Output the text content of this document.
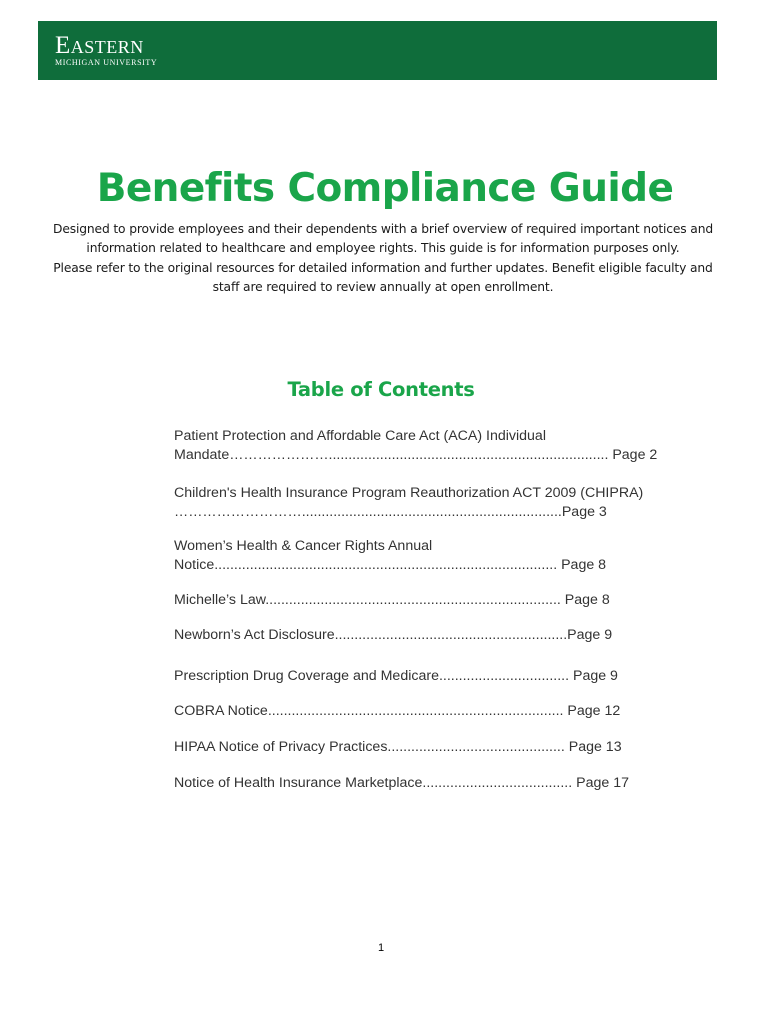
Eastern
MICHIGAN UNIVERSITY
Benefits Compliance Guide

Designed to provide employees and their dependents with a brief overview of required important notices and
information related to healthcare and employee rights. This guide is for information purposes only.
Please refer to the original resources for detailed information and further updates. Benefit eligible faculty and
staff are required to review annually at open enrollment.

Table of Contents
Patient Protection and Affordable Care Act (ACA) Individual
Mandate…………………....................................................................... Page 2
Children's Health Insurance Program Reauthorization ACT 2009 (CHIPRA)
………………………..................................................................Page 3
Women’s Health & Cancer Rights Annual
Notice....................................................................................... Page 8
Michelle’s Law........................................................................... Page 8
Newborn’s Act Disclosure...........................................................Page 9
Prescription Drug Coverage and Medicare................................. Page 9
COBRA Notice........................................................................... Page 12
HIPAA Notice of Privacy Practices............................................. Page 13
Notice of Health Insurance Marketplace...................................... Page 17
1
